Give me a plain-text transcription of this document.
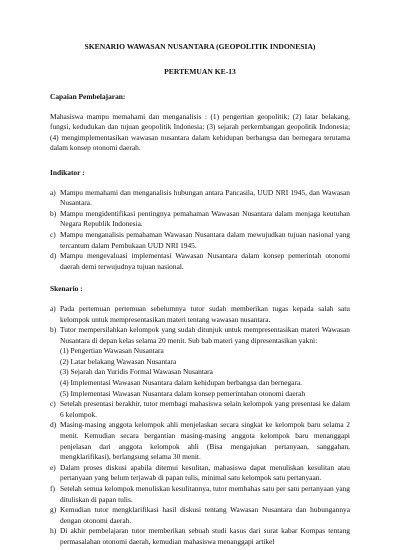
SKENARIO WAWASAN NUSANTARA (GEOPOLITIK INDONESIA)

PERTEMUAN KE-13

Capaian Pembelajaran:

Mahasiswa mampu memahami dan menganalisis : (1) pengertian geopolitik; (2) latar belakang, fungsi, kedudukan dan tujuan geopolitik Indonesia; (3) sejarah perkembangan geopolitik Indonesia; (4) mengimplementasikan wawasan nusantara dalam kehidupan berbangsa dan bernegara terutama dalam konsep otonomi daerah.

Indikator :

a) Mampu memahami dan menganalisis hubungan antara Pancasila, UUD NRI 1945, dan Wawasan Nusantara.
b) Mampu mengidentifikasi pentingnya pemahaman Wawasan Nusantara dalam menjaga keutuhan Negara Republik Indonesia.
c) Mampu menganalisis pemahaman Wawasan Nusantara dalam mewujudkan tujuan nasional yang tercantum dalam Pembukaan UUD NRI 1945.
d) Mampu mengevaluasi implementasi Wawasan Nusantara dalam konsep pemerintah otonomi daerah demi terwujudnya tujuan nasional.

Skenario :

a) Pada pertemuan pertemuan sebelumnya tutor sudah memberikan tugas kepada salah satu kelompok untuk mempresentasikan materi tentang wawasan nusantara.
b) Tutor mempersilahkan kelompok yang sudah ditunjuk untuk mempresentasikan materi Wawasan Nusantara di depan kelas selama 20 menit. Sub bab materi yang dipresentasikan yakni:
(1) Pengertian Wawasan Nusantara
(2) Latar belakang Wawasan Nusantara
(3) Sejarah dan Yuridis Formal Wawasan Nusantara
(4) Implementasi Wawasan Nusantara dalam kehidupan berbangsa dan bernegara.
(5) Implementasi Wawasan Nusantara dalam konsep pemerintahan otonomi daerah
c) Setelah presentasi berakhir, tutor membagi mahasiswa selain kelompok yang presentasi ke dalam 6 kelompok.
d) Masing-masing anggota kelompok ahli menjelaskan secara singkat ke kelompok baru selama 2 menit. Kemudian secara bergantian masing-masing anggota kelompok baru menanggapi penjelasan dari anggota kelompok ahli (Bisa mengajukan pertanyaan, sanggahan, mengklarifikasi), berlangsung selama 30 menit.
e) Dalam proses diskusi apabila ditemui kesulitan, mahasiswa dapat menuliskan kesulitan atau pertanyaan yang belum terjawab di papan tulis, minimal satu kelompok satu pertanyaan.
f) Setelah semua kelompok menuliskan kesulitannya, tutor membahas satu per satu pertanyaan yang dituliskan di papan tulis.
g) Kemudian tutor mengklarifikasi hasil diskusi tentang Wawasan Nusantara dan hubungannya dengan otonomi daerah.
h) Di akhir pembelajaran tutor memberikan sebuah studi kasus dari surat kabar Kompas tentang permasalahan otonomi daerah, kemudian mahasiswa menanggapi artikel
